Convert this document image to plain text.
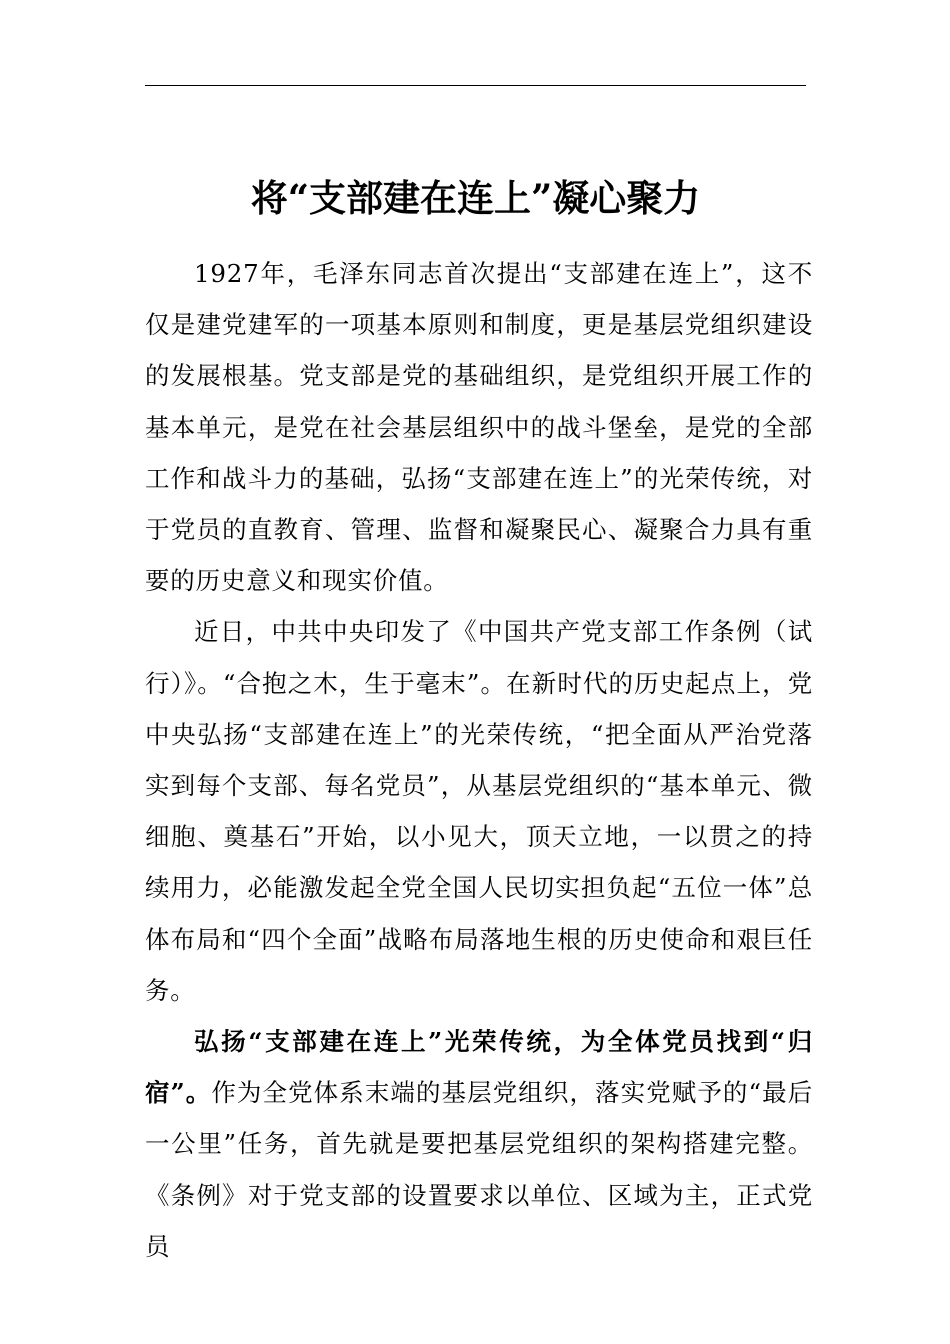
将“支部建在连上”凝心聚力

1927年，毛泽东同志首次提出“支部建在连上”，这不仅是建党建军的一项基本原则和制度，更是基层党组织建设的发展根基。党支部是党的基础组织，是党组织开展工作的基本单元，是党在社会基层组织中的战斗堡垒，是党的全部工作和战斗力的基础，弘扬“支部建在连上”的光荣传统，对于党员的直教育、管理、监督和凝聚民心、凝聚合力具有重要的历史意义和现实价值。

近日，中共中央印发了《中国共产党支部工作条例（试行）》。“合抱之木，生于毫末”。在新时代的历史起点上，党中央弘扬“支部建在连上”的光荣传统，“把全面从严治党落实到每个支部、每名党员”，从基层党组织的“基本单元、微细胞、奠基石”开始，以小见大，顶天立地，一以贯之的持续用力，必能激发起全党全国人民切实担负起“五位一体”总体布局和“四个全面”战略布局落地生根的历史使命和艰巨任务。

弘扬“支部建在连上”光荣传统，为全体党员找到“归宿”。作为全党体系末端的基层党组织，落实党赋予的“最后一公里”任务，首先就是要把基层党组织的架构搭建完整。《条例》对于党支部的设置要求以单位、区域为主，正式党员
